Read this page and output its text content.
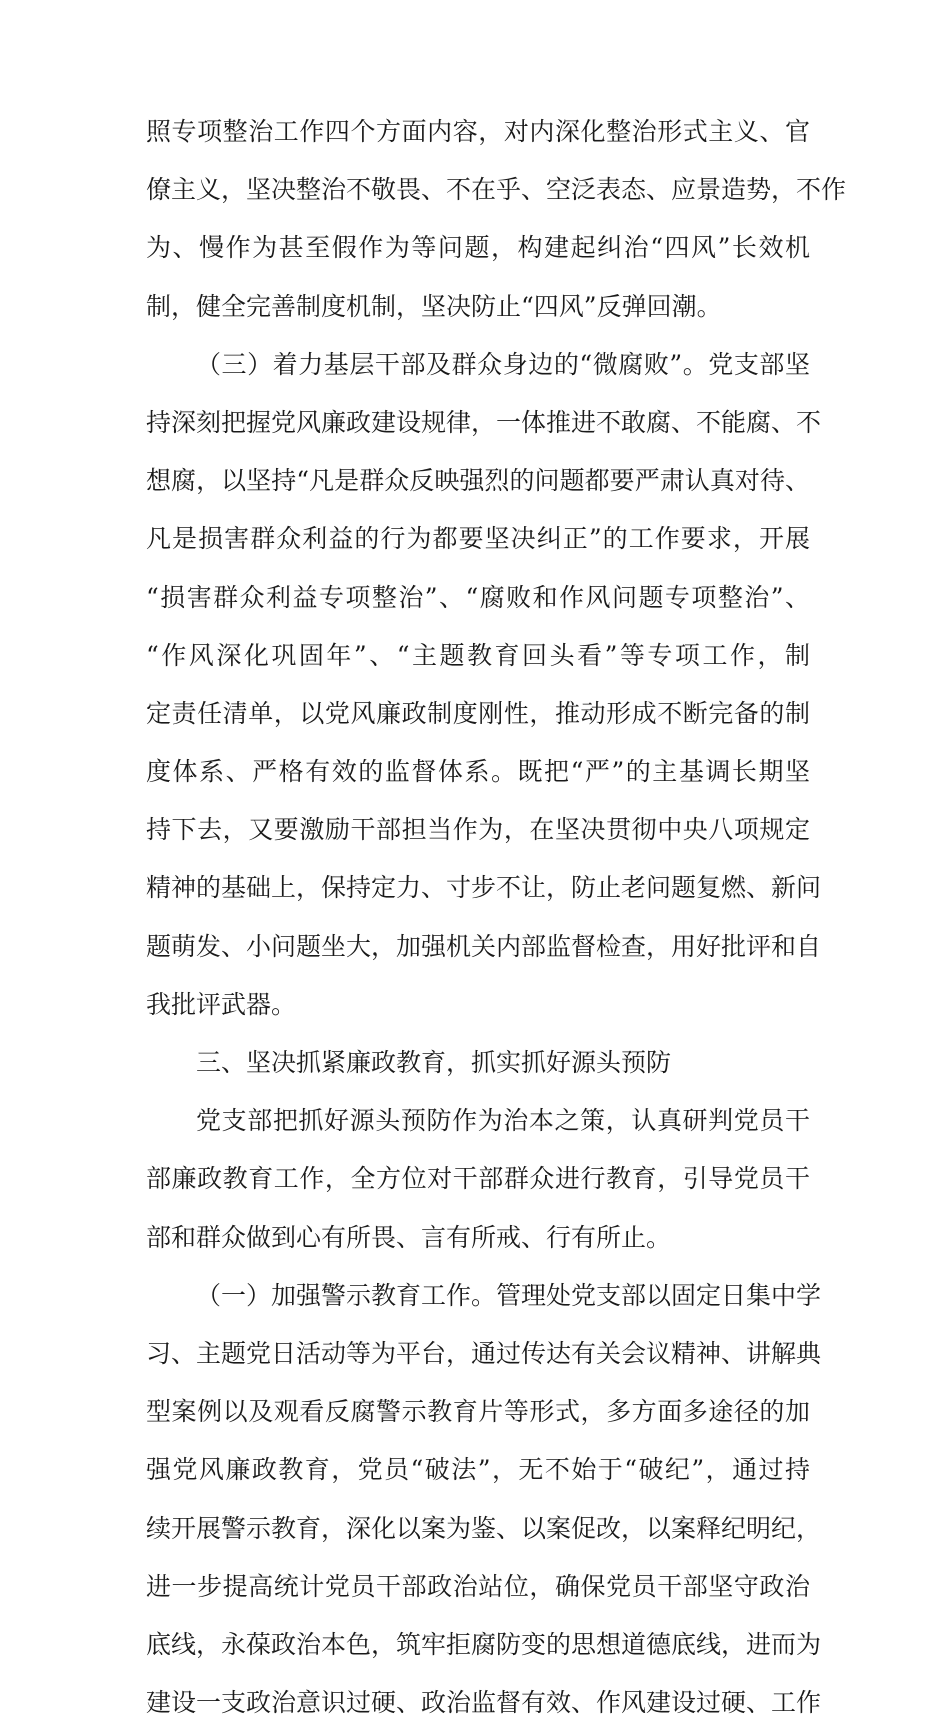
照专项整治工作四个方面内容，对内深化整治形式主义、官
僚主义，坚决整治不敬畏、不在乎、空泛表态、应景造势，不作
为、慢作为甚至假作为等问题，构建起纠治“四风”长效机
制，健全完善制度机制，坚决防止“四风”反弹回潮。
（三）着力基层干部及群众身边的“微腐败”。党支部坚
持深刻把握党风廉政建设规律，一体推进不敢腐、不能腐、不
想腐，以坚持“凡是群众反映强烈的问题都要严肃认真对待、
凡是损害群众利益的行为都要坚决纠正”的工作要求，开展
“损害群众利益专项整治”、“腐败和作风问题专项整治”、
“作风深化巩固年”、“主题教育回头看”等专项工作，制
定责任清单，以党风廉政制度刚性，推动形成不断完备的制
度体系、严格有效的监督体系。既把“严”的主基调长期坚
持下去，又要激励干部担当作为，在坚决贯彻中央八项规定
精神的基础上，保持定力、寸步不让，防止老问题复燃、新问
题萌发、小问题坐大，加强机关内部监督检查，用好批评和自
我批评武器。
三、坚决抓紧廉政教育，抓实抓好源头预防
党支部把抓好源头预防作为治本之策，认真研判党员干
部廉政教育工作，全方位对干部群众进行教育，引导党员干
部和群众做到心有所畏、言有所戒、行有所止。
（一）加强警示教育工作。管理处党支部以固定日集中学
习、主题党日活动等为平台，通过传达有关会议精神、讲解典
型案例以及观看反腐警示教育片等形式，多方面多途径的加
强党风廉政教育，党员“破法”，无不始于“破纪”，通过持
续开展警示教育，深化以案为鉴、以案促改，以案释纪明纪，
进一步提高统计党员干部政治站位，确保党员干部坚守政治
底线，永葆政治本色，筑牢拒腐防变的思想道德底线，进而为
建设一支政治意识过硬、政治监督有效、作风建设过硬、工作
